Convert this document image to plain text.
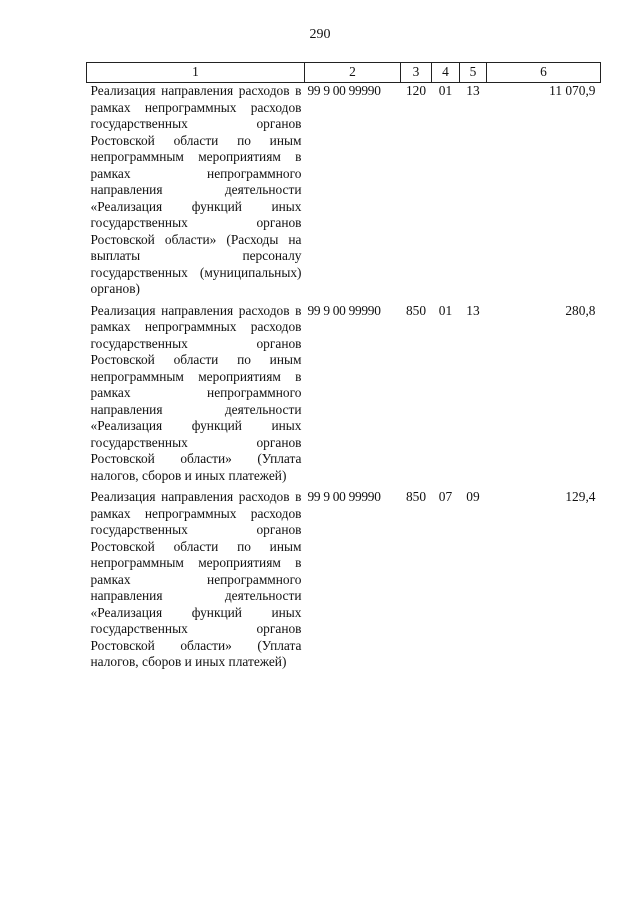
290
1	2	3	4	5	6
Реализация направления расходов в рамках непрограммных расходов государственных органов Ростовской области по иным непрограммным мероприятиям в рамках непрограммного направления деятельности «Реализация функций иных государственных органов Ростовской области» (Расходы на выплаты персоналу государственных (муниципальных) органов)	99 9 00 99990	120	01	13	11 070,9
Реализация направления расходов в рамках непрограммных расходов государственных органов Ростовской области по иным непрограммным мероприятиям в рамках непрограммного направления деятельности «Реализация функций иных государственных органов Ростовской области» (Уплата налогов, сборов и иных платежей)	99 9 00 99990	850	01	13	280,8
Реализация направления расходов в рамках непрограммных расходов государственных органов Ростовской области по иным непрограммным мероприятиям в рамках непрограммного направления деятельности «Реализация функций иных государственных органов Ростовской области» (Уплата налогов, сборов и иных платежей)	99 9 00 99990	850	07	09	129,4
